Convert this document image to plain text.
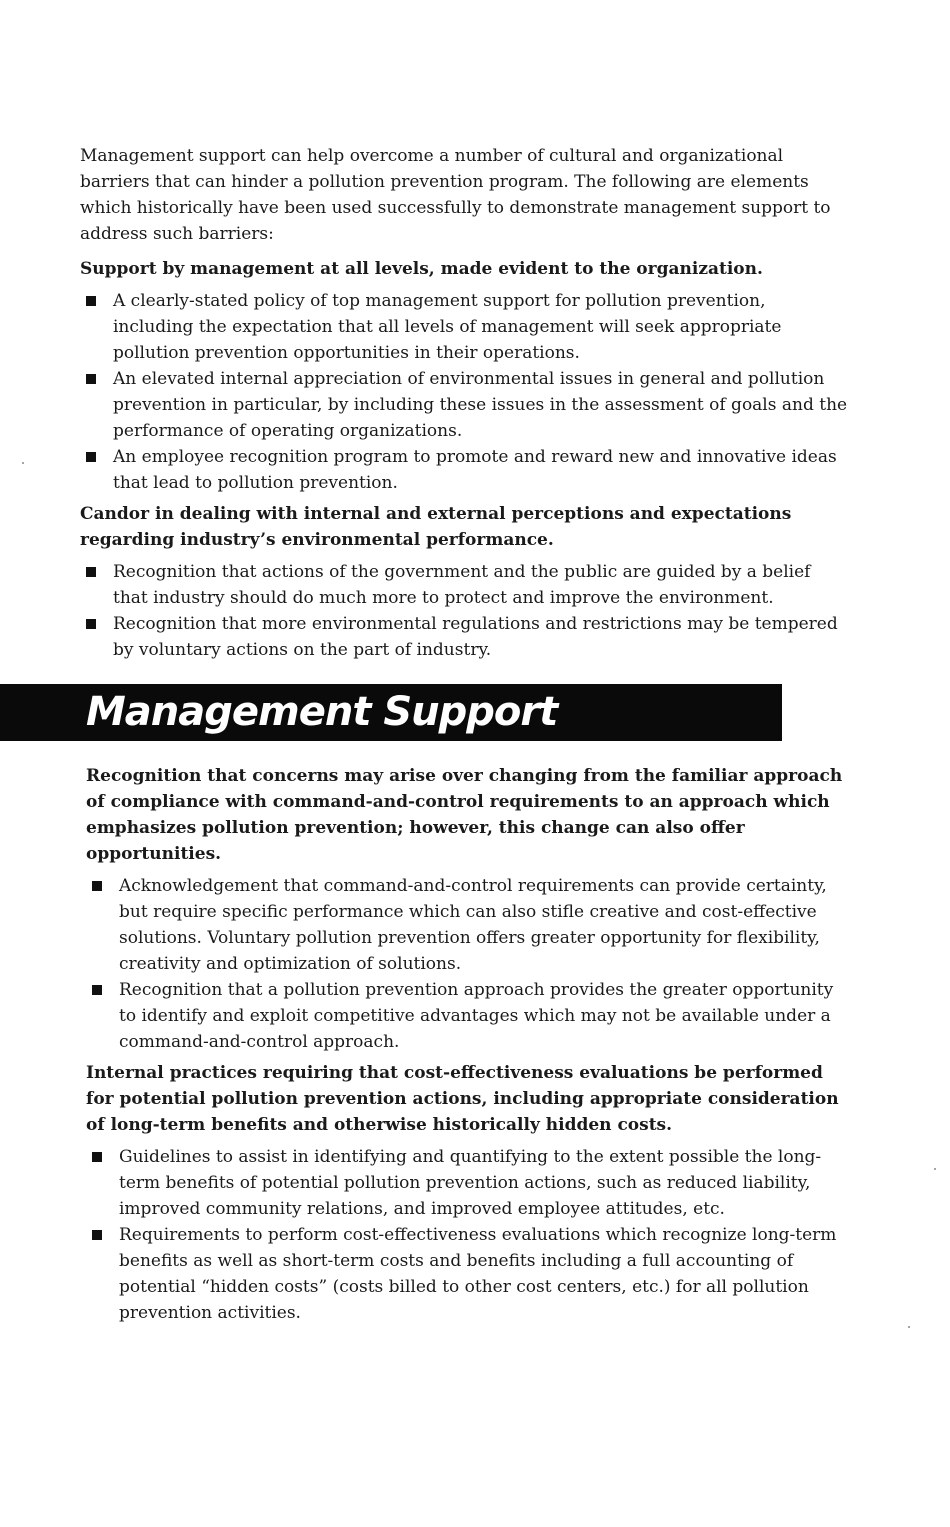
Management support can help overcome a number of cultural and organizational barriers that can hinder a pollution prevention program. The following are elements which historically have been used successfully to demonstrate management support to address such barriers:

Support by management at all levels, made evident to the organization.

A clearly-stated policy of top management support for pollution prevention, including the expectation that all levels of management will seek appropriate pollution prevention opportunities in their operations.
An elevated internal appreciation of environmental issues in general and pollution prevention in particular, by including these issues in the assessment of goals and the performance of operating organizations.
An employee recognition program to promote and reward new and innovative ideas that lead to pollution prevention.

Candor in dealing with internal and external perceptions and expectations regarding industry’s environmental performance.

Recognition that actions of the government and the public are guided by a belief that industry should do much more to protect and improve the environment.
Recognition that more environmental regulations and restrictions may be tempered by voluntary actions on the part of industry.
Management Support

Recognition that concerns may arise over changing from the familiar approach of compliance with command-and-control requirements to an approach which emphasizes pollution prevention; however, this change can also offer opportunities.

Acknowledgement that command-and-control requirements can provide certainty, but require specific performance which can also stifle creative and cost-effective solutions. Voluntary pollution prevention offers greater opportunity for flexibility, creativity and optimization of solutions.
Recognition that a pollution prevention approach provides the greater opportunity to identify and exploit competitive advantages which may not be available under a command-and-control approach.

Internal practices requiring that cost-effectiveness evaluations be performed for potential pollution prevention actions, including appropriate consideration of long-term benefits and otherwise historically hidden costs.

Guidelines to assist in identifying and quantifying to the extent possible the long-term benefits of potential pollution prevention actions, such as reduced liability, improved community relations, and improved employee attitudes, etc.
Requirements to perform cost-effectiveness evaluations which recognize long-term benefits as well as short-term costs and benefits including a full accounting of potential “hidden costs” (costs billed to other cost centers, etc.) for all pollution prevention activities.
